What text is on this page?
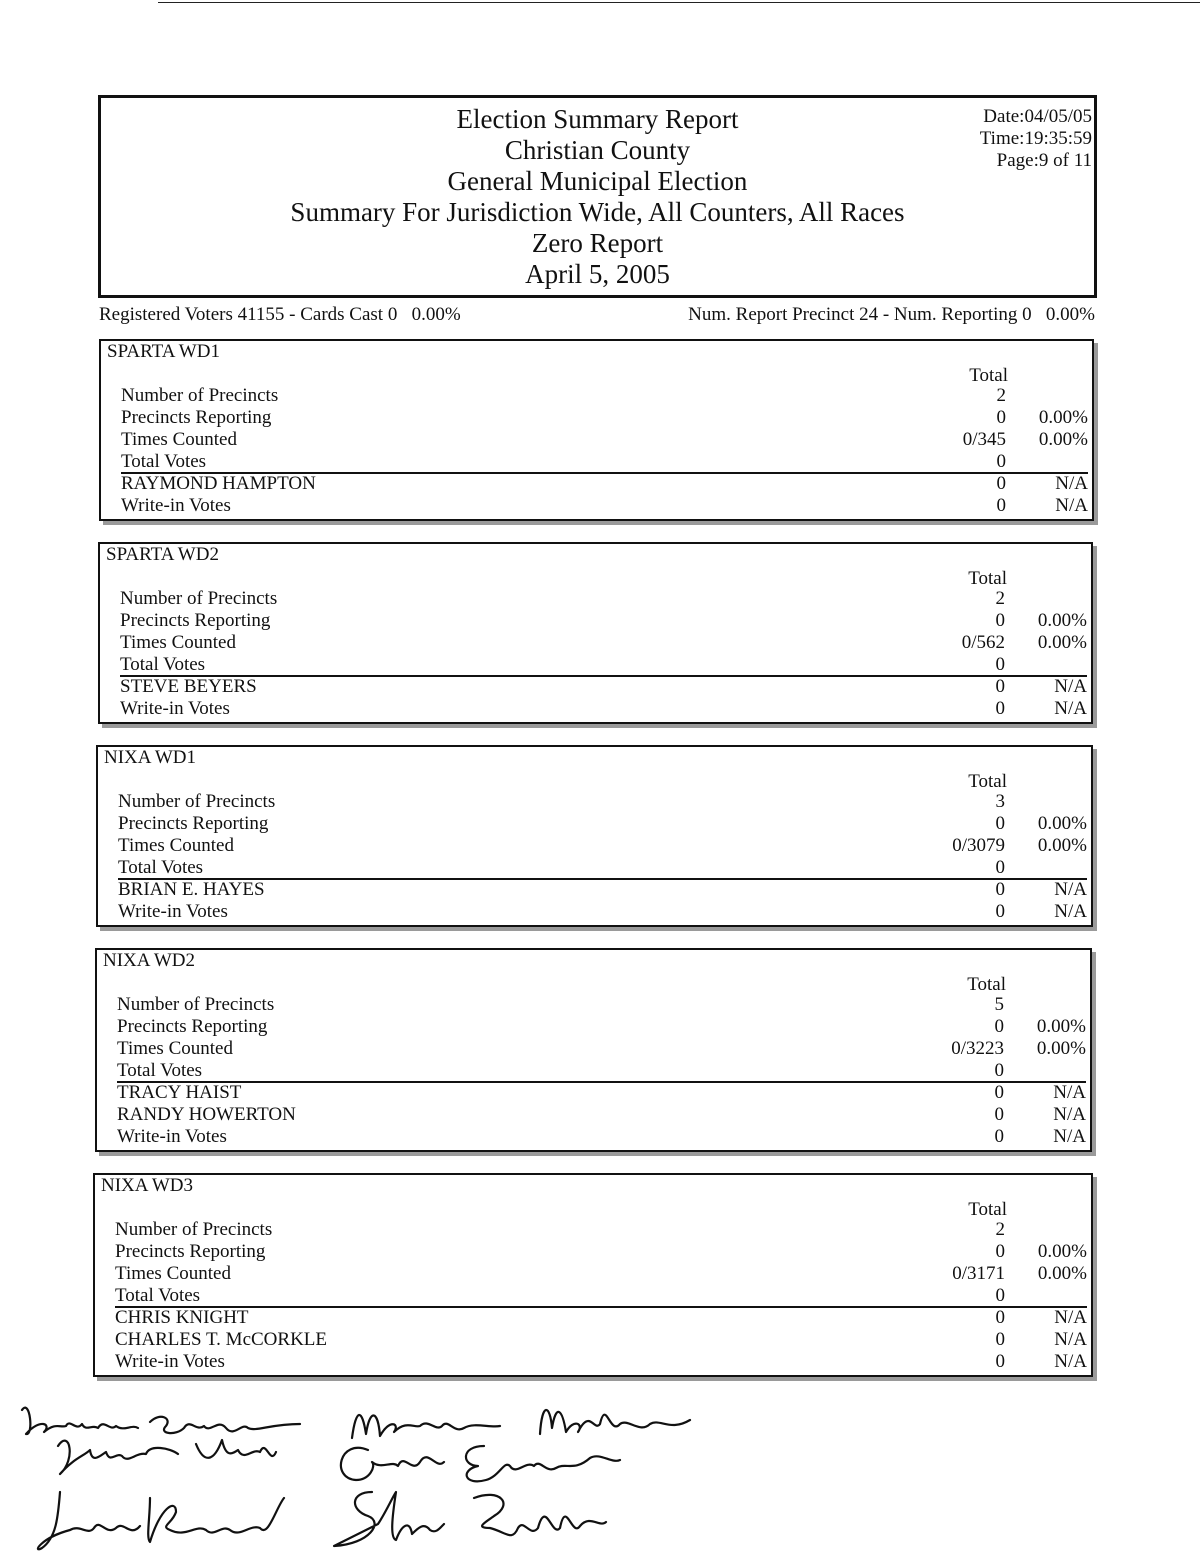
Election Summary Report
Christian County
General Municipal Election
Summary For Jurisdiction Wide, All Counters, All Races
Zero Report
April 5, 2005
Date:04/05/05
Time:19:35:59
Page:9 of 11
Registered Voters 41155 - Cards Cast 0   0.00%	Num. Report Precinct 24 - Num. Reporting 0   0.00%
SPARTA WD1
Total
Number of Precincts	2
Precincts Reporting	0 0.00%
Times Counted	0/345 0.00%
Total Votes	0
RAYMOND HAMPTON	0	N/A
Write-in Votes	0	N/A
SPARTA WD2
Total
Number of Precincts	2
Precincts Reporting	0 0.00%
Times Counted	0/562 0.00%
Total Votes	0
STEVE BEYERS	0	N/A
Write-in Votes	0	N/A
NIXA WD1
Total
Number of Precincts	3
Precincts Reporting	0 0.00%
Times Counted	0/3079 0.00%
Total Votes	0
BRIAN E. HAYES	0	N/A
Write-in Votes	0	N/A
NIXA WD2
Total
Number of Precincts	5
Precincts Reporting	0 0.00%
Times Counted	0/3223 0.00%
Total Votes	0
TRACY HAIST	0	N/A
RANDY HOWERTON	0	N/A
Write-in Votes	0	N/A
NIXA WD3
Total
Number of Precincts	2
Precincts Reporting	0 0.00%
Times Counted	0/3171 0.00%
Total Votes	0
CHRIS KNIGHT	0	N/A
CHARLES T. McCORKLE	0	N/A
Write-in Votes	0	N/A
